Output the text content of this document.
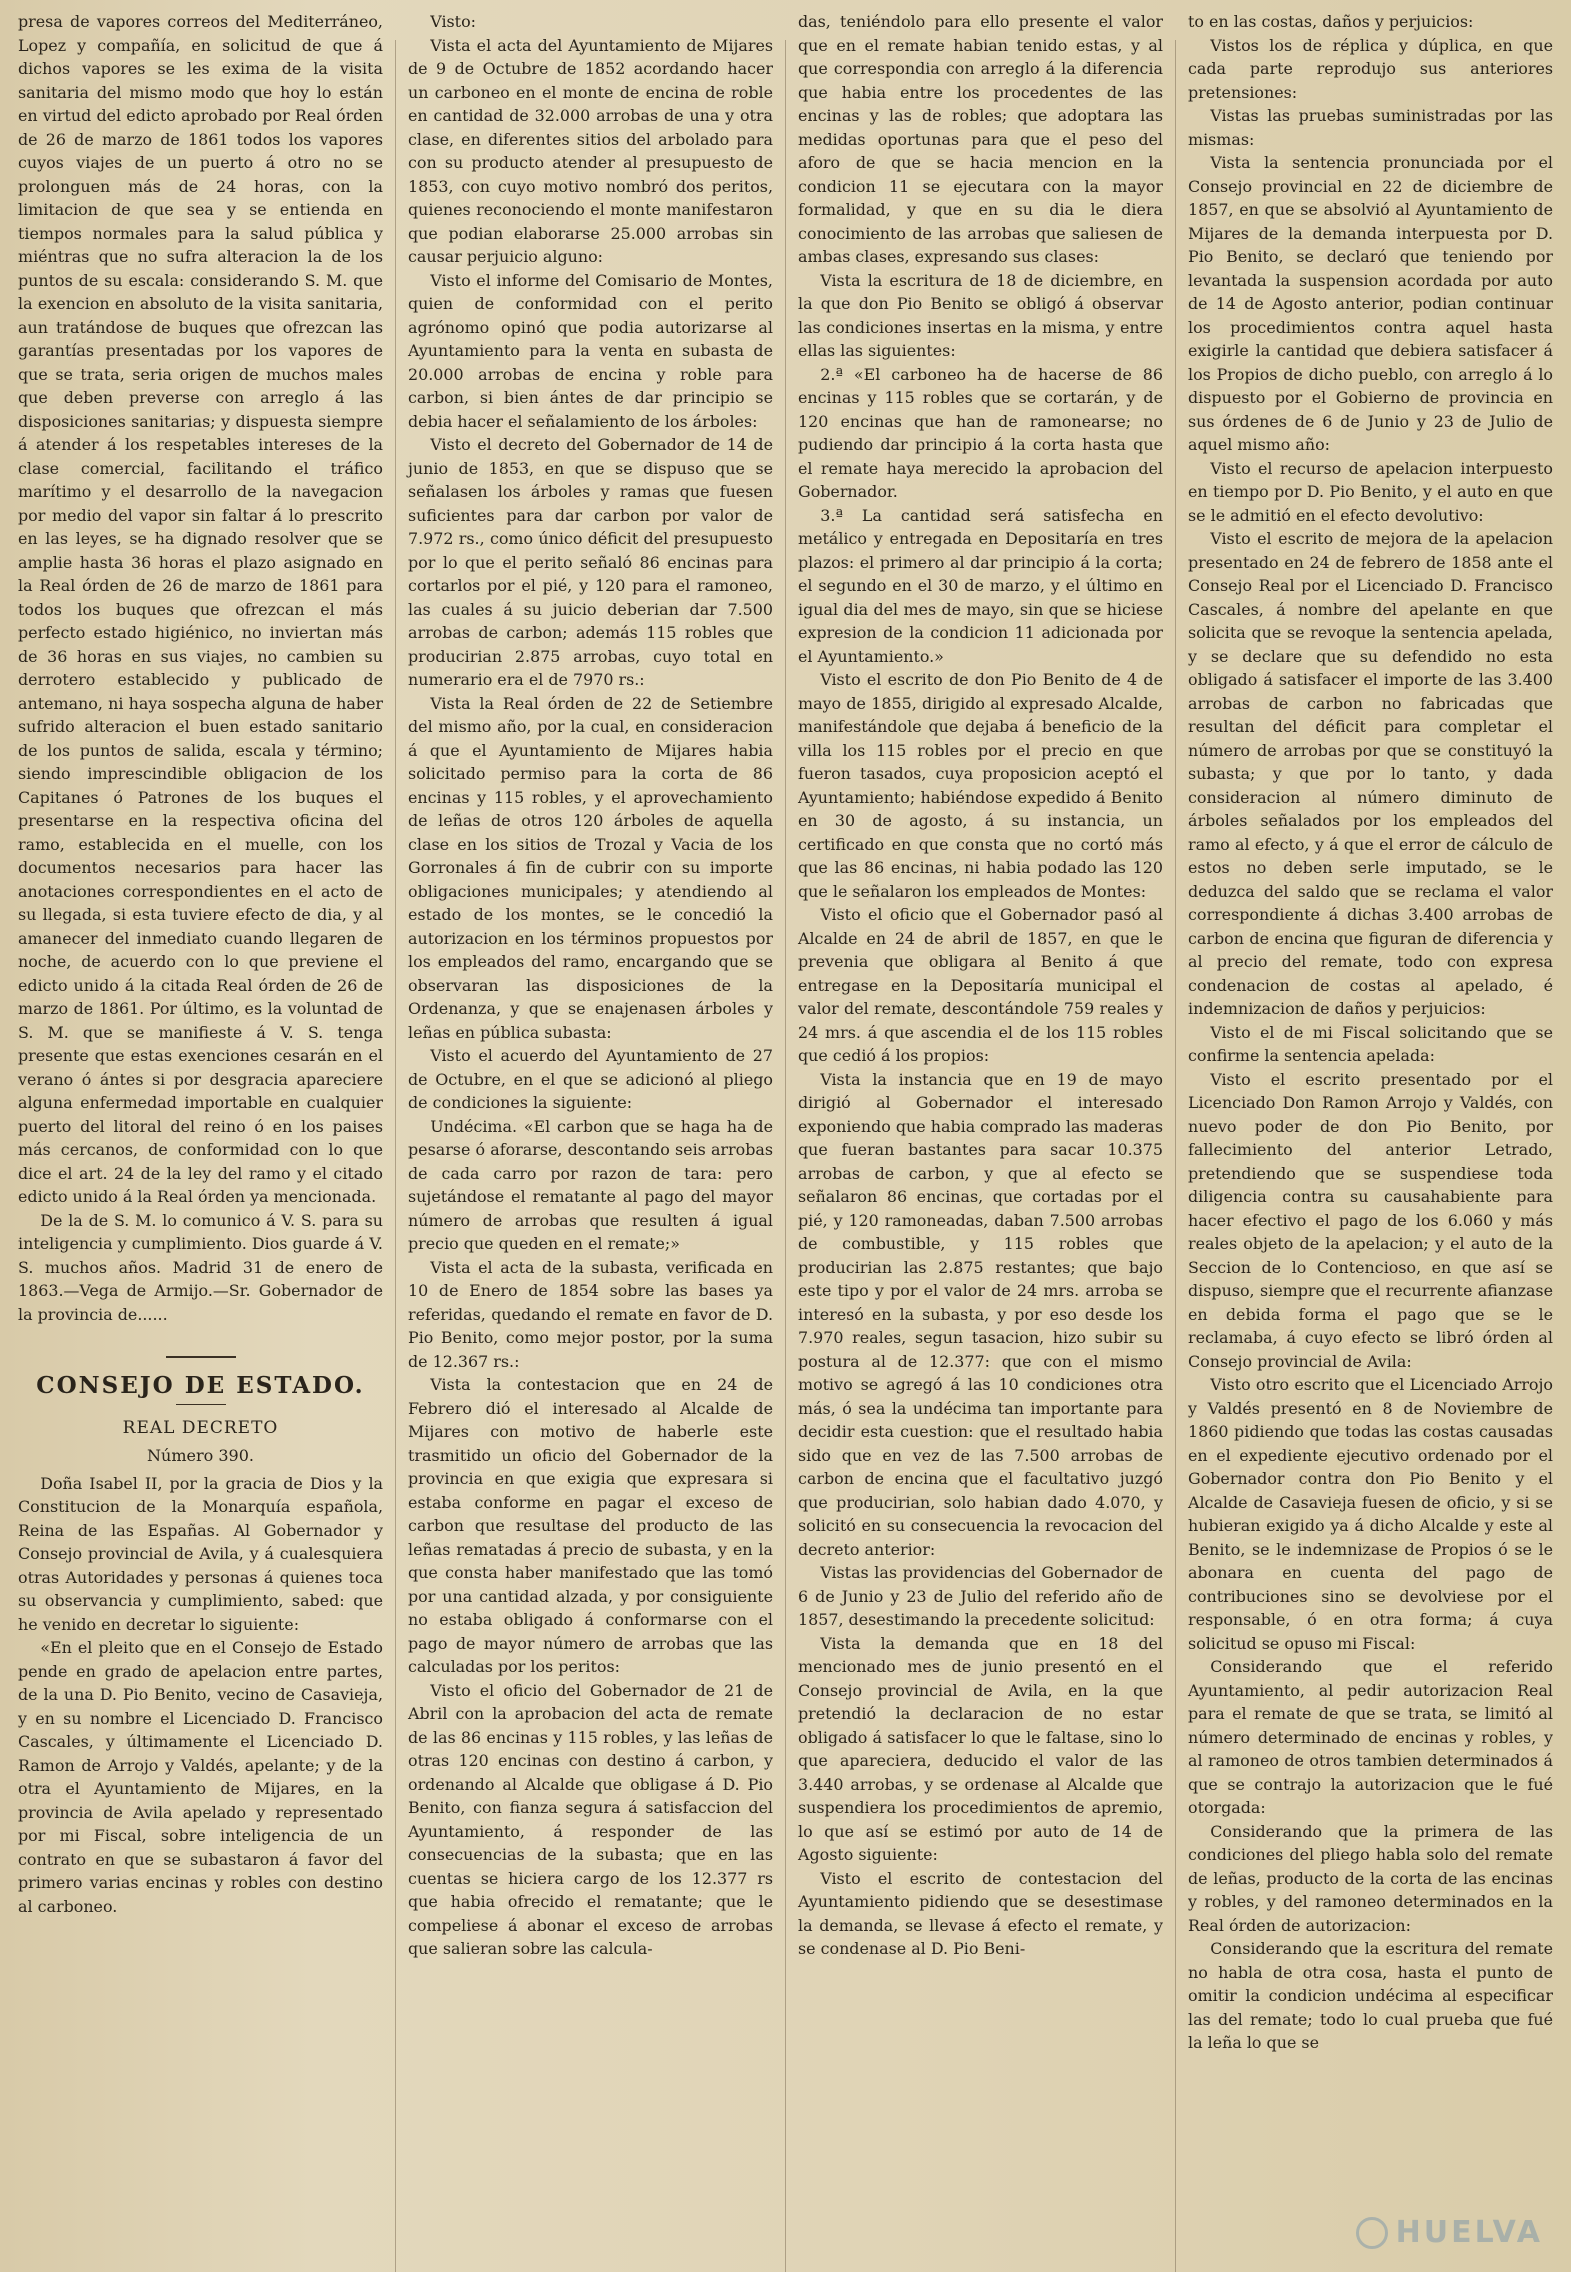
presa de vapores correos del Mediterráneo, Lopez y compañía, en solicitud de que á dichos vapores se les exima de la visita sanitaria del mismo modo que hoy lo están en virtud del edicto aprobado por Real órden de 26 de marzo de 1861 todos los vapores cuyos viajes de un puerto á otro no se prolonguen más de 24 horas, con la limitacion de que sea y se entienda en tiempos normales para la salud pública y miéntras que no sufra alteracion la de los puntos de su escala: considerando S. M. que la exencion en absoluto de la visita sanitaria, aun tratándose de buques que ofrezcan las garantías presentadas por los vapores de que se trata, seria origen de muchos males que deben preverse con arreglo á las disposiciones sanitarias; y dispuesta siempre á atender á los respetables intereses de la clase comercial, facilitando el tráfico marítimo y el desarrollo de la navegacion por medio del vapor sin faltar á lo prescrito en las leyes, se ha dignado resolver que se amplie hasta 36 horas el plazo asignado en la Real órden de 26 de marzo de 1861 para todos los buques que ofrezcan el más perfecto estado higiénico, no inviertan más de 36 horas en sus viajes, no cambien su derrotero establecido y publicado de antemano, ni haya sospecha alguna de haber sufrido alteracion el buen estado sanitario de los puntos de salida, escala y término; siendo imprescindible obligacion de los Capitanes ó Patrones de los buques el presentarse en la respectiva oficina del ramo, establecida en el muelle, con los documentos necesarios para hacer las anotaciones correspondientes en el acto de su llegada, si esta tuviere efecto de dia, y al amanecer del inmediato cuando llegaren de noche, de acuerdo con lo que previene el edicto unido á la citada Real órden de 26 de marzo de 1861. Por último, es la voluntad de S. M. que se manifieste á V. S. tenga presente que estas exenciones cesarán en el verano ó ántes si por desgracia apareciere alguna enfermedad importable en cualquier puerto del litoral del reino ó en los paises más cercanos, de conformidad con lo que dice el art. 24 de la ley del ramo y el citado edicto unido á la Real órden ya mencionada.

De la de S. M. lo comunico á V. S. para su inteligencia y cumplimiento. Dios guarde á V. S. muchos años. Madrid 31 de enero de 1863.—Vega de Armijo.—Sr. Gobernador de la provincia de......

CONSEJO DE ESTADO.

REAL DECRETO

Número 390.

Doña Isabel II, por la gracia de Dios y la Constitucion de la Monarquía española, Reina de las Españas. Al Gobernador y Consejo provincial de Avila, y á cualesquiera otras Autoridades y personas á quienes toca su observancia y cumplimiento, sabed: que he venido en decretar lo siguiente:

«En el pleito que en el Consejo de Estado pende en grado de apelacion entre partes, de la una D. Pio Benito, vecino de Casavieja, y en su nombre el Licenciado D. Francisco Cascales, y últimamente el Licenciado D. Ramon de Arrojo y Valdés, apelante; y de la otra el Ayuntamiento de Mijares, en la provincia de Avila apelado y representado por mi Fiscal, sobre inteligencia de un contrato en que se subastaron á favor del primero varias encinas y robles con destino al carboneo.

Visto:

Vista el acta del Ayuntamiento de Mijares de 9 de Octubre de 1852 acordando hacer un carboneo en el monte de encina de roble en cantidad de 32.000 arrobas de una y otra clase, en diferentes sitios del arbolado para con su producto atender al presupuesto de 1853, con cuyo motivo nombró dos peritos, quienes reconociendo el monte manifestaron que podian elaborarse 25.000 arrobas sin causar perjuicio alguno:

Visto el informe del Comisario de Montes, quien de conformidad con el perito agrónomo opinó que podia autorizarse al Ayuntamiento para la venta en subasta de 20.000 arrobas de encina y roble para carbon, si bien ántes de dar principio se debia hacer el señalamiento de los árboles:

Visto el decreto del Gobernador de 14 de junio de 1853, en que se dispuso que se señalasen los árboles y ramas que fuesen suficientes para dar carbon por valor de 7.972 rs., como único déficit del presupuesto por lo que el perito señaló 86 encinas para cortarlos por el pié, y 120 para el ramoneo, las cuales á su juicio deberian dar 7.500 arrobas de carbon; además 115 robles que producirian 2.875 arrobas, cuyo total en numerario era el de 7970 rs.:

Vista la Real órden de 22 de Setiembre del mismo año, por la cual, en consideracion á que el Ayuntamiento de Mijares habia solicitado permiso para la corta de 86 encinas y 115 robles, y el aprovechamiento de leñas de otros 120 árboles de aquella clase en los sitios de Trozal y Vacia de los Gorronales á fin de cubrir con su importe obligaciones municipales; y atendiendo al estado de los montes, se le concedió la autorizacion en los términos propuestos por los empleados del ramo, encargando que se observaran las disposiciones de la Ordenanza, y que se enajenasen árboles y leñas en pública subasta:

Visto el acuerdo del Ayuntamiento de 27 de Octubre, en el que se adicionó al pliego de condiciones la siguiente:

Undécima. «El carbon que se haga ha de pesarse ó aforarse, descontando seis arrobas de cada carro por razon de tara: pero sujetándose el rematante al pago del mayor número de arrobas que resulten á igual precio que queden en el remate;»

Vista el acta de la subasta, verificada en 10 de Enero de 1854 sobre las bases ya referidas, quedando el remate en favor de D. Pio Benito, como mejor postor, por la suma de 12.367 rs.:

Vista la contestacion que en 24 de Febrero dió el interesado al Alcalde de Mijares con motivo de haberle este trasmitido un oficio del Gobernador de la provincia en que exigia que expresara si estaba conforme en pagar el exceso de carbon que resultase del producto de las leñas rematadas á precio de subasta, y en la que consta haber manifestado que las tomó por una cantidad alzada, y por consiguiente no estaba obligado á conformarse con el pago de mayor número de arrobas que las calculadas por los peritos:

Visto el oficio del Gobernador de 21 de Abril con la aprobacion del acta de remate de las 86 encinas y 115 robles, y las leñas de otras 120 encinas con destino á carbon, y ordenando al Alcalde que obligase á D. Pio Benito, con fianza segura á satisfaccion del Ayuntamiento, á responder de las consecuencias de la subasta; que en las cuentas se hiciera cargo de los 12.377 rs que habia ofrecido el rematante; que le compeliese á abonar el exceso de arrobas que salieran sobre las calcula-

das, teniéndolo para ello presente el valor que en el remate habian tenido estas, y al que correspondia con arreglo á la diferencia que habia entre los procedentes de las encinas y las de robles; que adoptara las medidas oportunas para que el peso del aforo de que se hacia mencion en la condicion 11 se ejecutara con la mayor formalidad, y que en su dia le diera conocimiento de las arrobas que saliesen de ambas clases, expresando sus clases:

Vista la escritura de 18 de diciembre, en la que don Pio Benito se obligó á observar las condiciones insertas en la misma, y entre ellas las siguientes:

2.ª «El carboneo ha de hacerse de 86 encinas y 115 robles que se cortarán, y de 120 encinas que han de ramonearse; no pudiendo dar principio á la corta hasta que el remate haya merecido la aprobacion del Gobernador.

3.ª La cantidad será satisfecha en metálico y entregada en Depositaría en tres plazos: el primero al dar principio á la corta; el segundo en el 30 de marzo, y el último en igual dia del mes de mayo, sin que se hiciese expresion de la condicion 11 adicionada por el Ayuntamiento.»

Visto el escrito de don Pio Benito de 4 de mayo de 1855, dirigido al expresado Alcalde, manifestándole que dejaba á beneficio de la villa los 115 robles por el precio en que fueron tasados, cuya proposicion aceptó el Ayuntamiento; habiéndose expedido á Benito en 30 de agosto, á su instancia, un certificado en que consta que no cortó más que las 86 encinas, ni habia podado las 120 que le señalaron los empleados de Montes:

Visto el oficio que el Gobernador pasó al Alcalde en 24 de abril de 1857, en que le prevenia que obligara al Benito á que entregase en la Depositaría municipal el valor del remate, descontándole 759 reales y 24 mrs. á que ascendia el de los 115 robles que cedió á los propios:

Vista la instancia que en 19 de mayo dirigió al Gobernador el interesado exponiendo que habia comprado las maderas que fueran bastantes para sacar 10.375 arrobas de carbon, y que al efecto se señalaron 86 encinas, que cortadas por el pié, y 120 ramoneadas, daban 7.500 arrobas de combustible, y 115 robles que producirian las 2.875 restantes; que bajo este tipo y por el valor de 24 mrs. arroba se interesó en la subasta, y por eso desde los 7.970 reales, segun tasacion, hizo subir su postura al de 12.377: que con el mismo motivo se agregó á las 10 condiciones otra más, ó sea la undécima tan importante para decidir esta cuestion: que el resultado habia sido que en vez de las 7.500 arrobas de carbon de encina que el facultativo juzgó que producirian, solo habian dado 4.070, y solicitó en su consecuencia la revocacion del decreto anterior:

Vistas las providencias del Gobernador de 6 de Junio y 23 de Julio del referido año de 1857, desestimando la precedente solicitud:

Vista la demanda que en 18 del mencionado mes de junio presentó en el Consejo provincial de Avila, en la que pretendió la declaracion de no estar obligado á satisfacer lo que le faltase, sino lo que apareciera, deducido el valor de las 3.440 arrobas, y se ordenase al Alcalde que suspendiera los procedimientos de apremio, lo que así se estimó por auto de 14 de Agosto siguiente:

Visto el escrito de contestacion del Ayuntamiento pidiendo que se desestimase la demanda, se llevase á efecto el remate, y se condenase al D. Pio Beni-

to en las costas, daños y perjuicios:

Vistos los de réplica y dúplica, en que cada parte reprodujo sus anteriores pretensiones:

Vistas las pruebas suministradas por las mismas:

Vista la sentencia pronunciada por el Consejo provincial en 22 de diciembre de 1857, en que se absolvió al Ayuntamiento de Mijares de la demanda interpuesta por D. Pio Benito, se declaró que teniendo por levantada la suspension acordada por auto de 14 de Agosto anterior, podian continuar los procedimientos contra aquel hasta exigirle la cantidad que debiera satisfacer á los Propios de dicho pueblo, con arreglo á lo dispuesto por el Gobierno de provincia en sus órdenes de 6 de Junio y 23 de Julio de aquel mismo año:

Visto el recurso de apelacion interpuesto en tiempo por D. Pio Benito, y el auto en que se le admitió en el efecto devolutivo:

Visto el escrito de mejora de la apelacion presentado en 24 de febrero de 1858 ante el Consejo Real por el Licenciado D. Francisco Cascales, á nombre del apelante en que solicita que se revoque la sentencia apelada, y se declare que su defendido no esta obligado á satisfacer el importe de las 3.400 arrobas de carbon no fabricadas que resultan del déficit para completar el número de arrobas por que se constituyó la subasta; y que por lo tanto, y dada consideracion al número diminuto de árboles señalados por los empleados del ramo al efecto, y á que el error de cálculo de estos no deben serle imputado, se le deduzca del saldo que se reclama el valor correspondiente á dichas 3.400 arrobas de carbon de encina que figuran de diferencia y al precio del remate, todo con expresa condenacion de costas al apelado, é indemnizacion de daños y perjuicios:

Visto el de mi Fiscal solicitando que se confirme la sentencia apelada:

Visto el escrito presentado por el Licenciado Don Ramon Arrojo y Valdés, con nuevo poder de don Pio Benito, por fallecimiento del anterior Letrado, pretendiendo que se suspendiese toda diligencia contra su causahabiente para hacer efectivo el pago de los 6.060 y más reales objeto de la apelacion; y el auto de la Seccion de lo Contencioso, en que así se dispuso, siempre que el recurrente afianzase en debida forma el pago que se le reclamaba, á cuyo efecto se libró órden al Consejo provincial de Avila:

Visto otro escrito que el Licenciado Arrojo y Valdés presentó en 8 de Noviembre de 1860 pidiendo que todas las costas causadas en el expediente ejecutivo ordenado por el Gobernador contra don Pio Benito y el Alcalde de Casavieja fuesen de oficio, y si se hubieran exigido ya á dicho Alcalde y este al Benito, se le indemnizase de Propios ó se le abonara en cuenta del pago de contribuciones sino se devolviese por el responsable, ó en otra forma; á cuya solicitud se opuso mi Fiscal:

Considerando que el referido Ayuntamiento, al pedir autorizacion Real para el remate de que se trata, se limitó al número determinado de encinas y robles, y al ramoneo de otros tambien determinados á que se contrajo la autorizacion que le fué otorgada:

Considerando que la primera de las condiciones del pliego habla solo del remate de leñas, producto de la corta de las encinas y robles, y del ramoneo determinados en la Real órden de autorizacion:

Considerando que la escritura del remate no habla de otra cosa, hasta el punto de omitir la condicion undécima al especificar las del remate; todo lo cual prueba que fué la leña lo que se

HUELVA
